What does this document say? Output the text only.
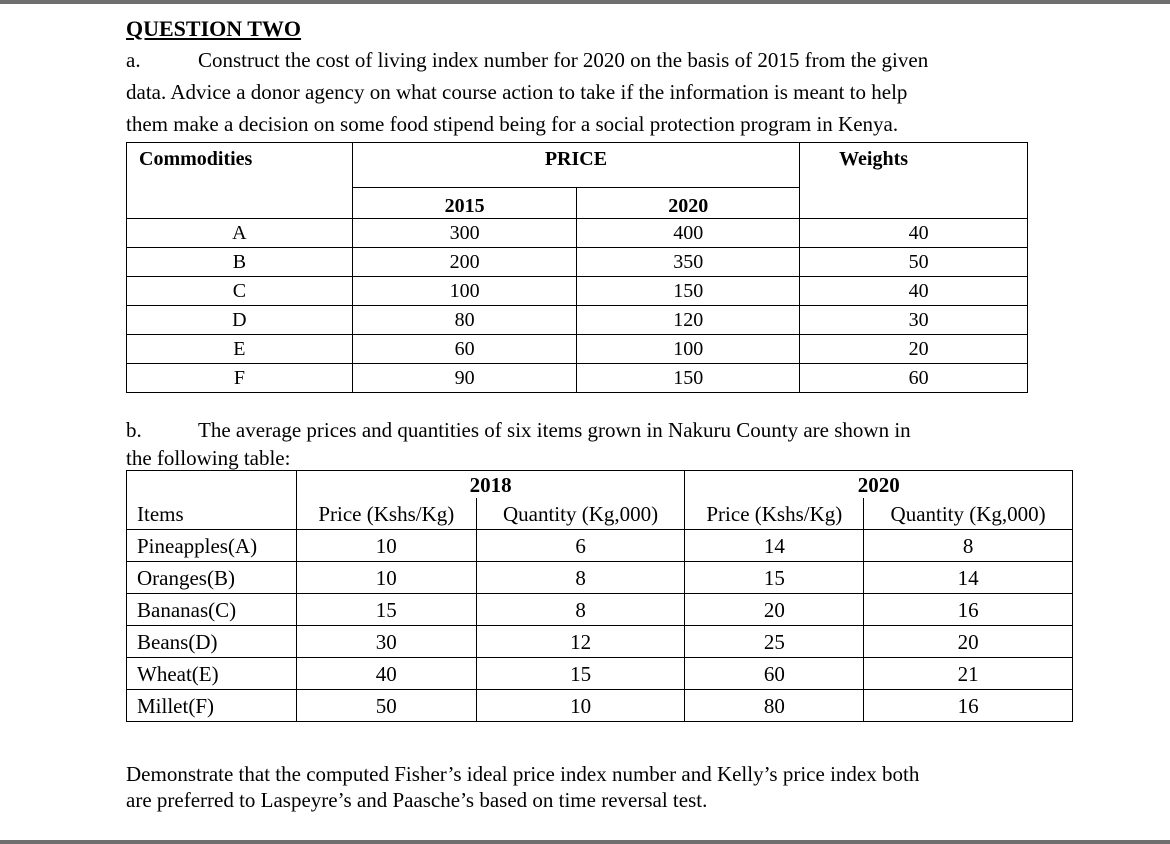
QUESTION TWO
a.	Construct the cost of living index number for 2020 on the basis of 2015 from the given
data. Advice a donor agency on what course action to take if the information is meant to help
them make a decision on some food stipend being for a social protection program in Kenya.
Commodities	PRICE		Weights
	2015	2020	
A	300	400	40
B	200	350	50
C	100	150	40
D	80	120	30
E	60	100	20
F	90	150	60
b.	The average prices and quantities of six items grown in Nakuru County are shown in
the following table:
	2018		2020	
Items	Price (Kshs/Kg)	Quantity (Kg,000)	Price (Kshs/Kg)	Quantity (Kg,000)
Pineapples(A)	10	6	14	8
Oranges(B)	10	8	15	14
Bananas(C)	15	8	20	16
Beans(D)	30	12	25	20
Wheat(E)	40	15	60	21
Millet(F)	50	10	80	16
Demonstrate that the computed Fisher’s ideal price index number and Kelly’s price index both
are preferred to Laspeyre’s and Paasche’s based on time reversal test.
